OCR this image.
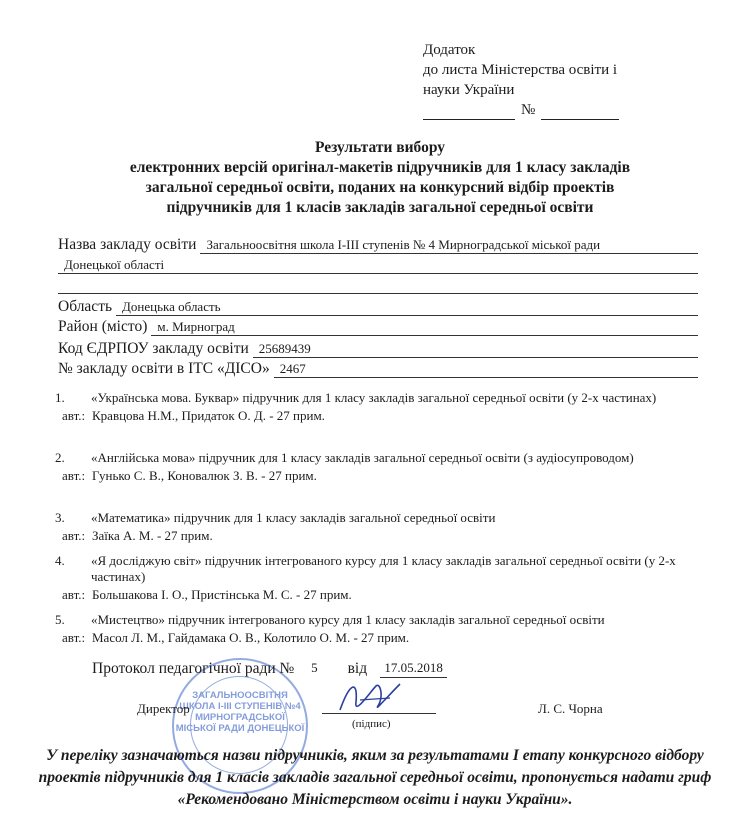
Додаток
до листа Міністерства освіти і
науки України
№
Результати вибору
електронних версій оригінал-макетів підручників для 1 класу закладів
загальної середньої освіти, поданих на конкурсний відбір проектів
підручників для 1 класів закладів загальної середньої освіти
Назва закладу освіти Загальноосвітня школа І-ІІІ ступенів № 4 Мирноградської міської ради
Донецької області
Область Донецька область
Район (місто) м. Мирноград
Код ЄДРПОУ закладу освіти 25689439
№ закладу освіти в ІТС «ДІСО» 2467
1.	«Українська мова. Буквар» підручник для 1 класу закладів загальної середньої освіти (у 2-х частинах)
авт.: Кравцова Н.М., Придаток О. Д. - 27 прим.
2.	«Англійська мова» підручник для 1 класу закладів загальної середньої освіти (з аудіосупроводом)
авт.: Гунько С. В., Коновалюк З. В. - 27 прим.
3.	«Математика» підручник для 1 класу закладів загальної середньої освіти
авт.: Заїка А. М. - 27 прим.
4.	«Я досліджую світ» підручник інтегрованого курсу для 1 класу закладів загальної середньої освіти (у 2-х частинах)
авт.: Большакова І. О., Пристінська М. С. - 27 прим.
5.	«Мистецтво» підручник інтегрованого курсу для 1 класу закладів загальної середньої освіти
авт.: Масол Л. М., Гайдамака О. В., Колотило О. М. - 27 прим.
ЗАГАЛЬНООСВІТНЯ ШКОЛА І-ІІІ СТУПЕНІВ №4 МИРНОГРАДСЬКОЇ МІСЬКОЇ РАДИ ДОНЕЦЬКОЇ
Протокол педагогічної ради №	5	від	17.05.2018
Директор
(підпис)
Л. С. Чорна
У переліку зазначаються назви підручників, яким за результатами І етапу конкурсного відбору проектів підручників для 1 класів закладів загальної середньої освіти, пропонується надати гриф «Рекомендовано Міністерством освіти і науки України».
